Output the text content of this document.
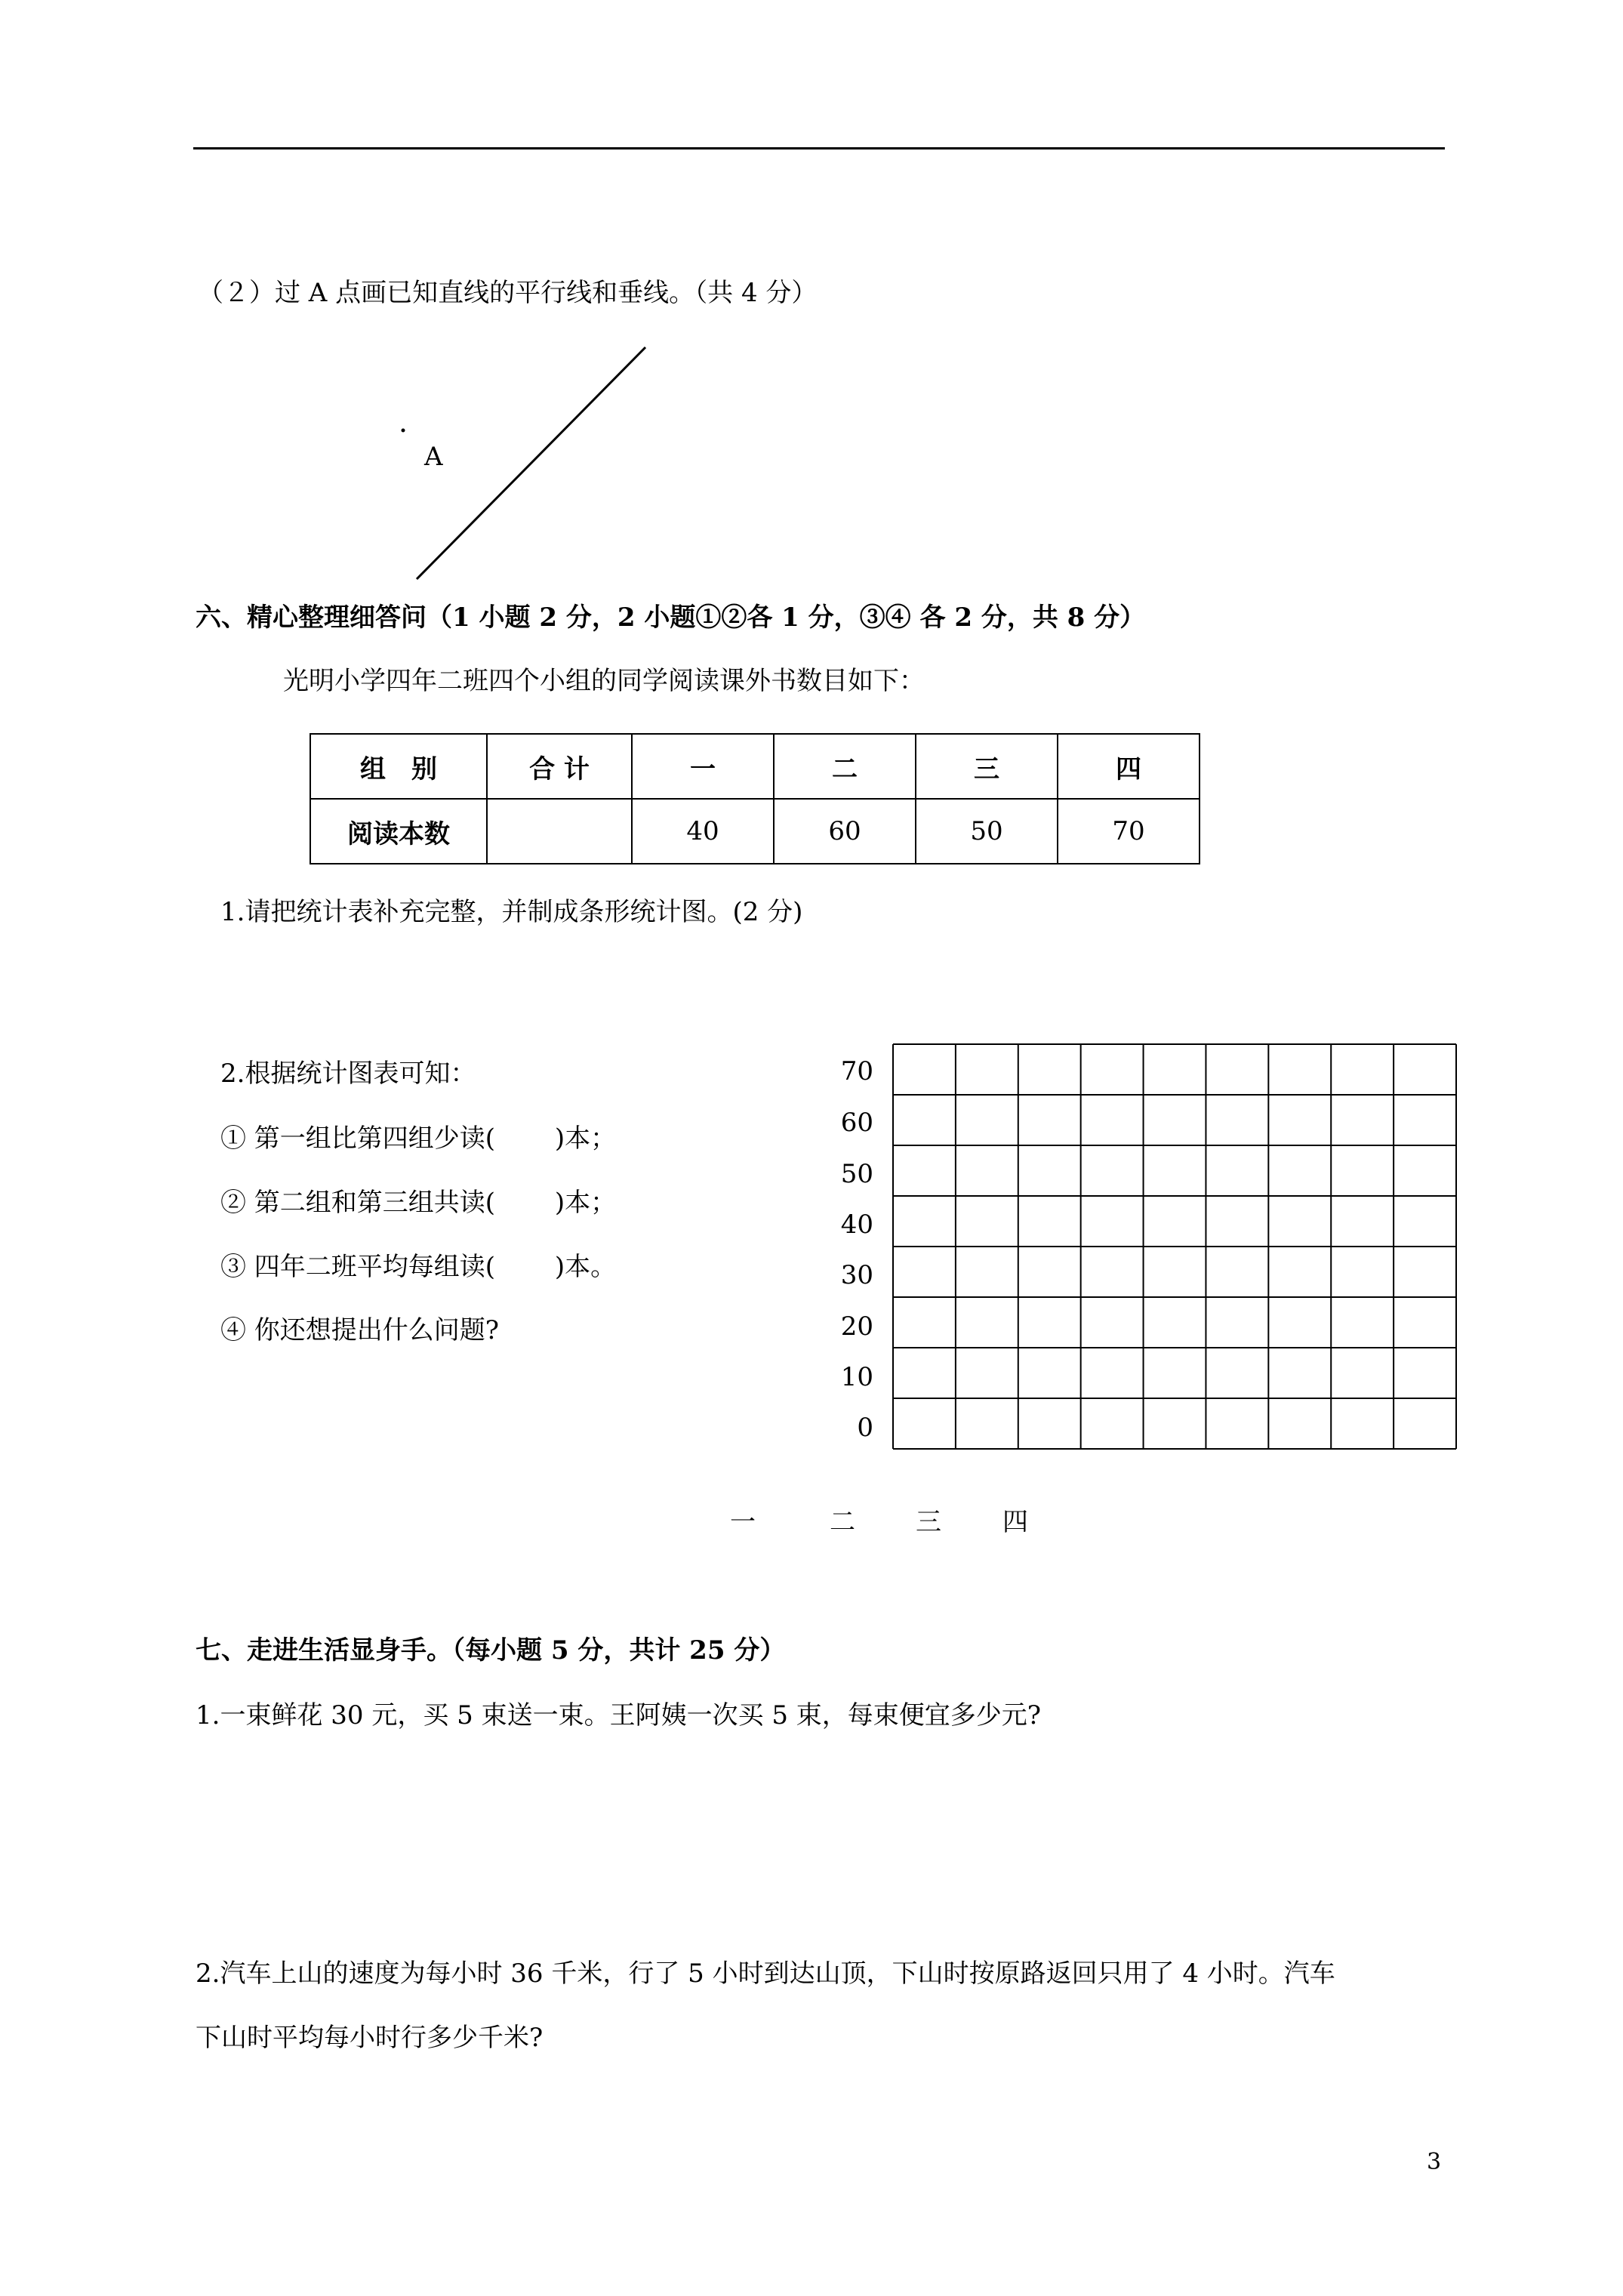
（２）过 A 点画已知直线的平行线和垂线。（共 4 分）
A
六、精心整理细答问（1 小题 2 分，2 小题①②各 1 分，③④ 各 2 分，共 8 分）
光明小学四年二班四个小组的同学阅读课外书数目如下：
组　别	合 计	一	二	三	四
阅读本数		40	60	50	70
1.请把统计表补充完整，并制成条形统计图。(2 分)
2.根据统计图表可知：
① 第一组比第四组少读(　　 )本；
② 第二组和第三组共读(　　 )本；
③ 四年二班平均每组读(　　 )本。
④ 你还想提出什么问题?
70
60
50
40
30
20
10
0
一	二 三 四
七、走进生活显身手。（每小题 5 分，共计 25 分）
1.一束鲜花 30 元，买 5 束送一束。王阿姨一次买 5 束，每束便宜多少元?
2.汽车上山的速度为每小时 36 千米，行了 5 小时到达山顶，下山时按原路返回只用了 4 小时。汽车
下山时平均每小时行多少千米?
3
